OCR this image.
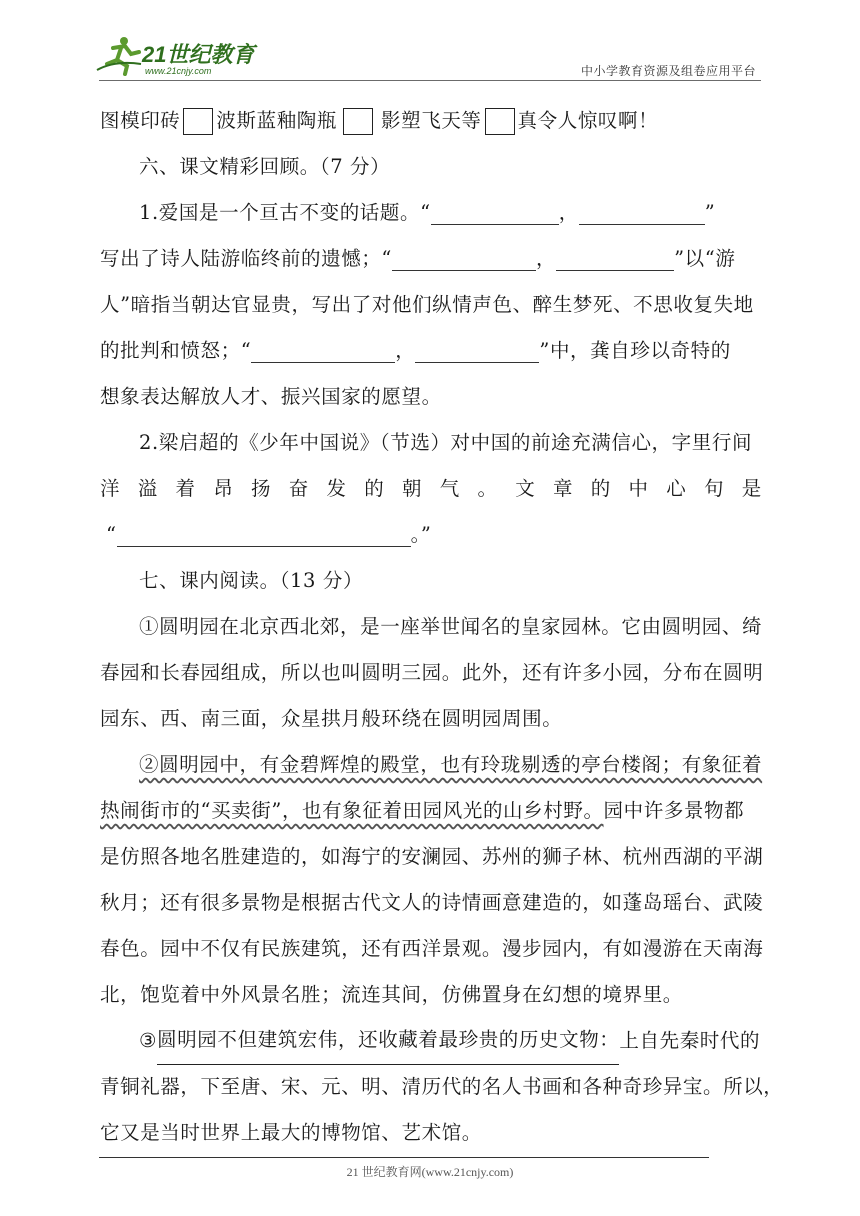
21世纪教育
www.21cnjy.com	中小学教育资源及组卷应用平台
图模印砖 波斯蓝釉陶瓶 影塑飞天等 真令人惊叹啊！
六、课文精彩回顾。（7 分）
1.爱国是一个亘古不变的话题。“	，	”
写出了诗人陆游临终前的遗憾；“	，	”以“游
人”暗指当朝达官显贵，写出了对他们纵情声色、醉生梦死、不思收复失地
的批判和愤怒；“	，	”中，龚自珍以奇特的
想象表达解放人才、振兴国家的愿望。
2.梁启超的《少年中国说》（节选）对中国的前途充满信心，字里行间
洋 溢 着 昂 扬 奋 发 的 朝 气 。 文 章 的 中 心 句 是
“	。”
七、课内阅读。（13 分）
①圆明园在北京西北郊，是一座举世闻名的皇家园林。它由圆明园、绮
春园和长春园组成，所以也叫圆明三园。此外，还有许多小园，分布在圆明
园东、西、南三面，众星拱月般环绕在圆明园周围。
②圆明园中，有金碧辉煌的殿堂，也有玲珑剔透的亭台楼阁；有象征着
热闹街市的“买卖街”，也有象征着田园风光的山乡村野。 园中许多景物都
是仿照各地名胜建造的，如海宁的安澜园、苏州的狮子林、杭州西湖的平湖
秋月；还有很多景物是根据古代文人的诗情画意建造的，如蓬岛瑶台、武陵
春色。园中不仅有民族建筑，还有西洋景观。漫步园内，有如漫游在天南海
北，饱览着中外风景名胜；流连其间，仿佛置身在幻想的境界里。
③ 圆明园不但建筑宏伟，还收藏着最珍贵的历史文物： 上自先秦时代的
青铜礼器，下至唐、宋、元、明、清历代的名人书画和各种奇珍异宝。所以，
它又是当时世界上最大的博物馆、艺术馆。
21 世纪教育网(www.21cnjy.com)
